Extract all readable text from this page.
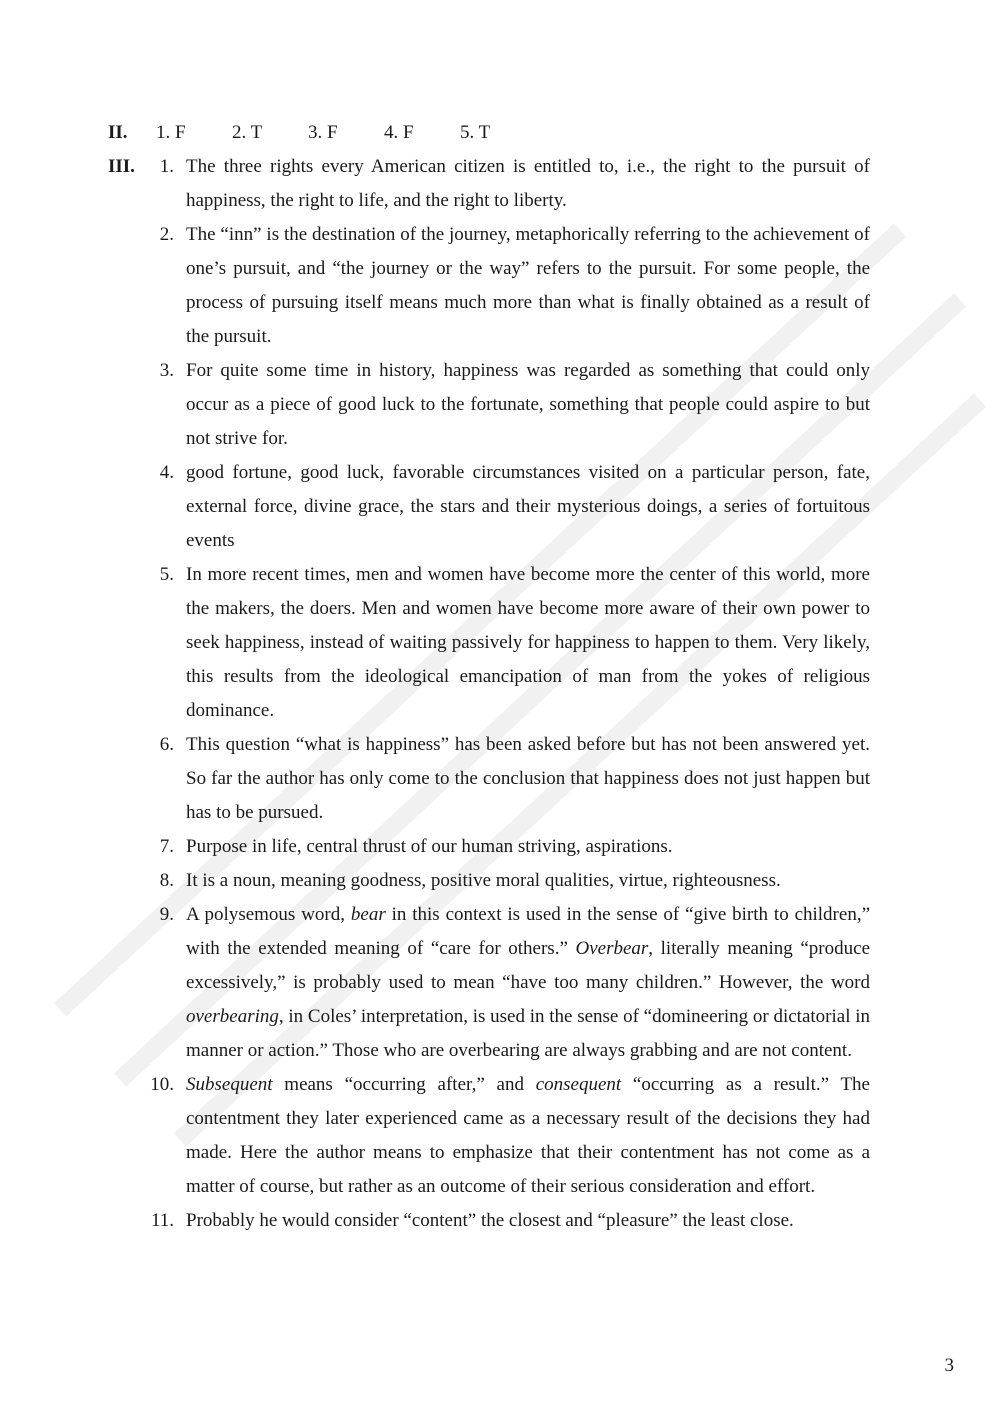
II.	1. F	2. T	3. F	4. F	5. T
III.	1. The three rights every American citizen is entitled to, i.e., the right to the pursuit of happiness, the right to life, and the right to liberty.
2. The “inn” is the destination of the journey, metaphorically referring to the achievement of one’s pursuit, and “the journey or the way” refers to the pursuit. For some people, the process of pursuing itself means much more than what is finally obtained as a result of the pursuit.
3. For quite some time in history, happiness was regarded as something that could only occur as a piece of good luck to the fortunate, something that people could aspire to but not strive for.
4. good fortune, good luck, favorable circumstances visited on a particular person, fate, external force, divine grace, the stars and their mysterious doings, a series of fortuitous events
5. In more recent times, men and women have become more the center of this world, more the makers, the doers. Men and women have become more aware of their own power to seek happiness, instead of waiting passively for happiness to happen to them. Very likely, this results from the ideological emancipation of man from the yokes of religious dominance.
6. This question “what is happiness” has been asked before but has not been answered yet. So far the author has only come to the conclusion that happiness does not just happen but has to be pursued.
7. Purpose in life, central thrust of our human striving, aspirations.
8. It is a noun, meaning goodness, positive moral qualities, virtue, righteousness.
9. A polysemous word, bear in this context is used in the sense of “give birth to children,” with the extended meaning of “care for others.” Overbear, literally meaning “produce excessively,” is probably used to mean “have too many children.” However, the word overbearing, in Coles’ interpretation, is used in the sense of “domineering or dictatorial in manner or action.” Those who are overbearing are always grabbing and are not content.
10. Subsequent means “occurring after,” and consequent “occurring as a result.” The contentment they later experienced came as a necessary result of the decisions they had made. Here the author means to emphasize that their contentment has not come as a matter of course, but rather as an outcome of their serious consideration and effort.
11. Probably he would consider “content” the closest and “pleasure” the least close.
3
